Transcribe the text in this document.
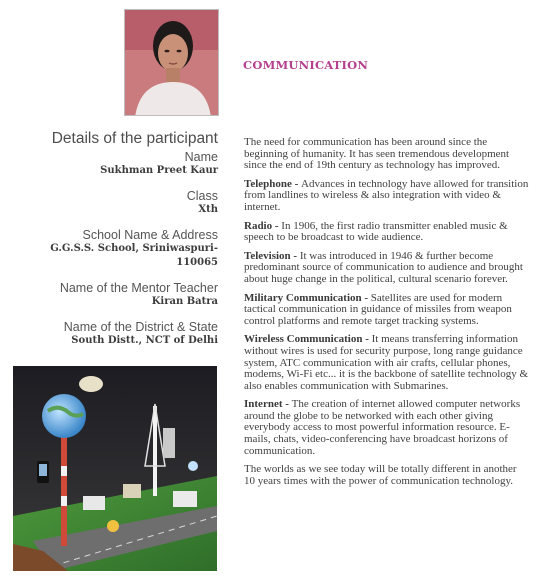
COMMUNICATION
Details of the participant
Name
Sukhman Preet Kaur
Class
Xth
School Name & Address
G.G.S.S. School, Sriniwaspuri-110065
Name of the Mentor Teacher
Kiran Batra
Name of the District & State
South Distt., NCT of Delhi

The need for communication has been around since the beginning of humanity. It has seen tremendous development since the end of 19th century as technology has improved.

Telephone - Advances in technology have allowed for transition from landlines to wireless & also integration with video & internet.

Radio - In 1906, the first radio transmitter enabled music & speech to be broadcast to wide audience.

Television - It was introduced in 1946 & further become predominant source of communication to audience and brought about huge change in the political, cultural scenario forever.

Military Communication - Satellites are used for modern tactical communication in guidance of missiles from weapon control platforms and remote target tracking systems.

Wireless Communication - It means transferring information without wires is used for security purpose, long range guidance system, ATC communication with air crafts, cellular phones, modems, Wi-Fi etc... it is the backbone of satellite technology & also enables communication with Submarines.

Internet - The creation of internet allowed computer networks around the globe to be networked with each other giving everybody access to most powerful information resource. E-mails, chats, video-conferencing have broadcast horizons of communication.

The worlds as we see today will be totally different in another 10 years times with the power of communication technology.
